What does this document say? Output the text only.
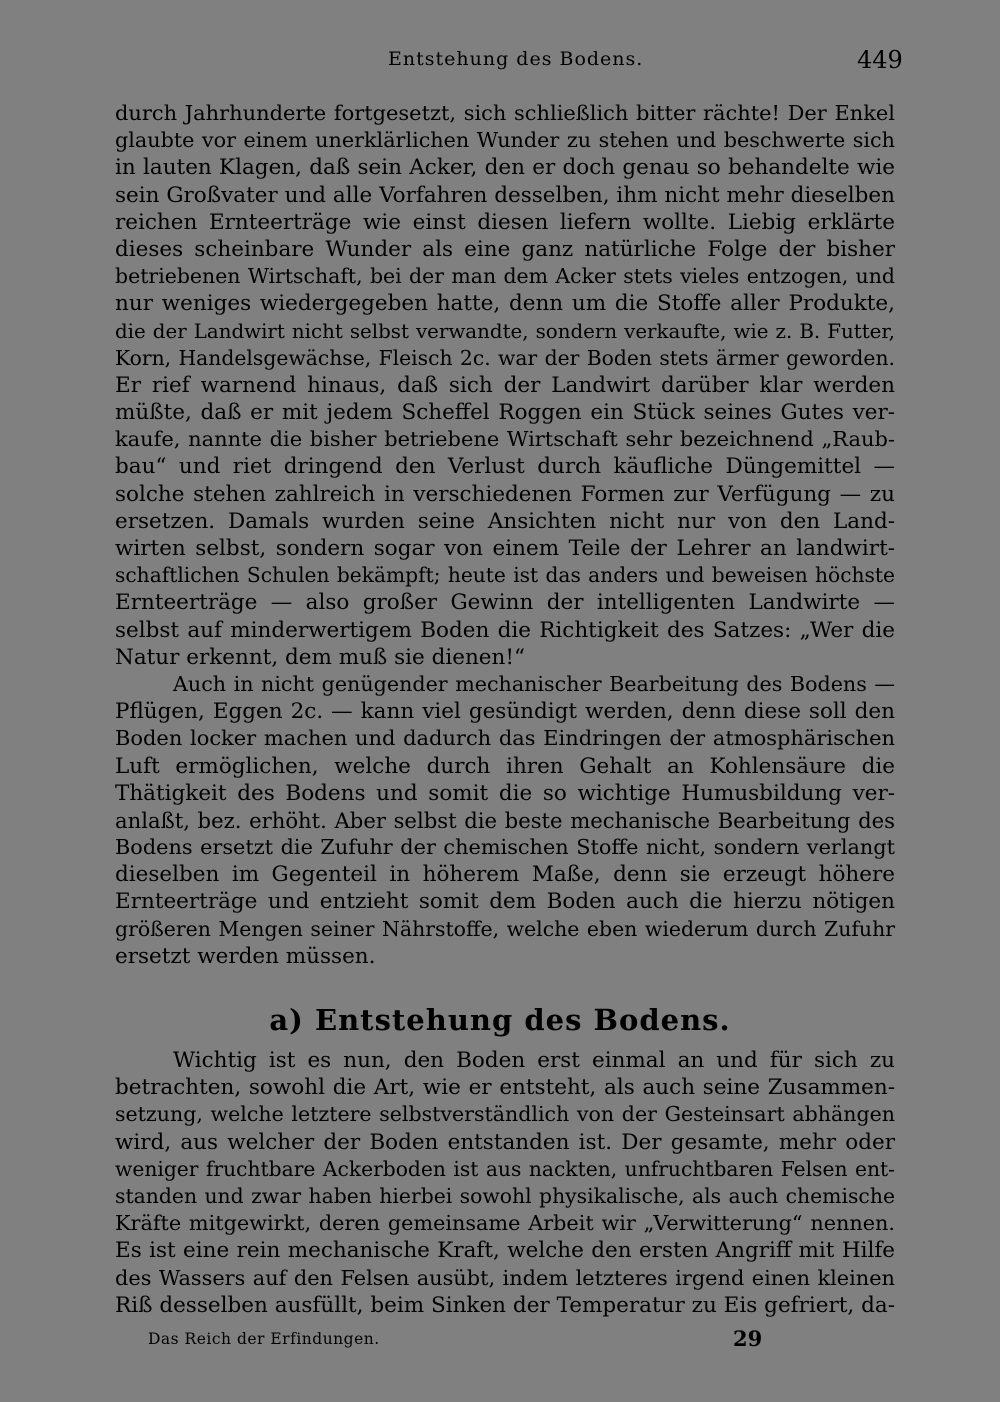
Entstehung des Bodens.	449
durch Jahrhunderte fortgesetzt, sich schließlich bitter rächte! Der Enkel
glaubte vor einem unerklärlichen Wunder zu stehen und beschwerte sich
in lauten Klagen, daß sein Acker, den er doch genau so behandelte wie
sein Großvater und alle Vorfahren desselben, ihm nicht mehr dieselben
reichen Ernteerträge wie einst diesen liefern wollte. Liebig erklärte
dieses scheinbare Wunder als eine ganz natürliche Folge der bisher
betriebenen Wirtschaft, bei der man dem Acker stets vieles entzogen, und
nur weniges wiedergegeben hatte, denn um die Stoffe aller Produkte,
die der Landwirt nicht selbst verwandte, sondern verkaufte, wie z. B. Futter,
Korn, Handelsgewächse, Fleisch 2c. war der Boden stets ärmer geworden.
Er rief warnend hinaus, daß sich der Landwirt darüber klar werden
müßte, daß er mit jedem Scheffel Roggen ein Stück seines Gutes ver-
kaufe, nannte die bisher betriebene Wirtschaft sehr bezeichnend „Raub-
bau“ und riet dringend den Verlust durch käufliche Düngemittel —
solche stehen zahlreich in verschiedenen Formen zur Verfügung — zu
ersetzen. Damals wurden seine Ansichten nicht nur von den Land-
wirten selbst, sondern sogar von einem Teile der Lehrer an landwirt-
schaftlichen Schulen bekämpft; heute ist das anders und beweisen höchste
Ernteerträge — also großer Gewinn der intelligenten Landwirte —
selbst auf minderwertigem Boden die Richtigkeit des Satzes: „Wer die
Natur erkennt, dem muß sie dienen!“
Auch in nicht genügender mechanischer Bearbeitung des Bodens —
Pflügen, Eggen 2c. — kann viel gesündigt werden, denn diese soll den
Boden locker machen und dadurch das Eindringen der atmosphärischen
Luft ermöglichen, welche durch ihren Gehalt an Kohlensäure die
Thätigkeit des Bodens und somit die so wichtige Humusbildung ver-
anlaßt, bez. erhöht. Aber selbst die beste mechanische Bearbeitung des
Bodens ersetzt die Zufuhr der chemischen Stoffe nicht, sondern verlangt
dieselben im Gegenteil in höherem Maße, denn sie erzeugt höhere
Ernteerträge und entzieht somit dem Boden auch die hierzu nötigen
größeren Mengen seiner Nährstoffe, welche eben wiederum durch Zufuhr
ersetzt werden müssen.
a) Entstehung des Bodens.
Wichtig ist es nun, den Boden erst einmal an und für sich zu
betrachten, sowohl die Art, wie er entsteht, als auch seine Zusammen-
setzung, welche letztere selbstverständlich von der Gesteinsart abhängen
wird, aus welcher der Boden entstanden ist. Der gesamte, mehr oder
weniger fruchtbare Ackerboden ist aus nackten, unfruchtbaren Felsen ent-
standen und zwar haben hierbei sowohl physikalische, als auch chemische
Kräfte mitgewirkt, deren gemeinsame Arbeit wir „Verwitterung“ nennen.
Es ist eine rein mechanische Kraft, welche den ersten Angriff mit Hilfe
des Wassers auf den Felsen ausübt, indem letzteres irgend einen kleinen
Riß desselben ausfüllt, beim Sinken der Temperatur zu Eis gefriert, da-
Das Reich der Erfindungen.	29
